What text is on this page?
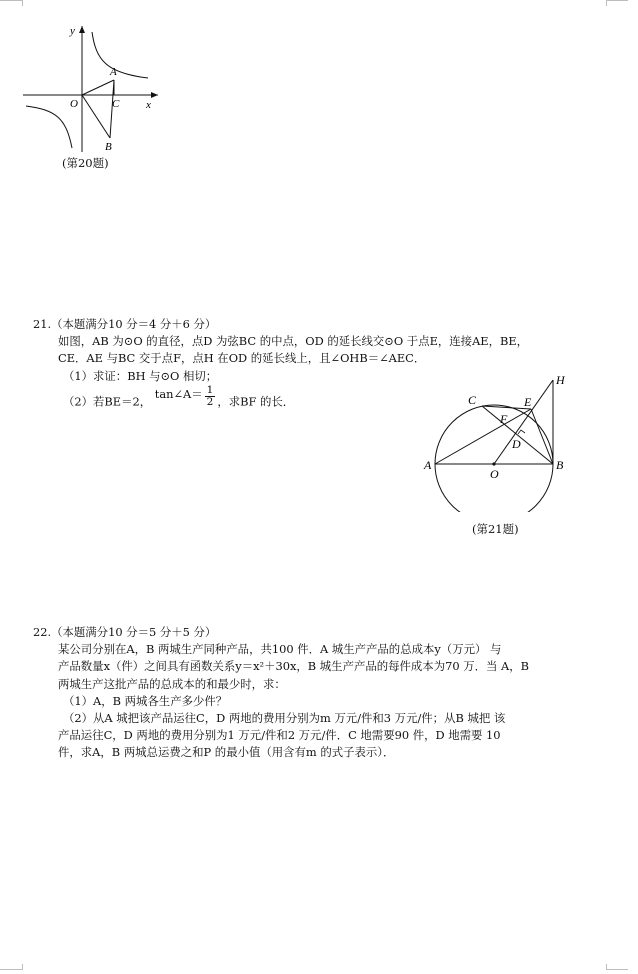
y
x
O
A
C
B
(第20题)

21.（本题满分10 分＝4 分＋6 分）

如图，AB 为⊙O 的直径，点D 为弦BC 的中点，OD 的延长线交⊙O 于点E，连接AE，BE，

CE．AE 与BC 交于点F，点H 在OD 的延长线上，且∠OHB＝∠AEC．

（1）求证：BH 与⊙O 相切；

（2）若BE＝2， tan∠A＝ $\frac{1}{2}$ ，求BF 的长．

A
O
B
C	E
F
D
H
(第21题)

22.（本题满分10 分＝5 分＋5 分）

某公司分别在A，B 两城生产同种产品，共100 件．A 城生产产品的总成本y（万元） 与

产品数量x（件）之间具有函数关系y＝x²＋30x，B 城生产产品的每件成本为70 万．当 A，B

两城生产这批产品的总成本的和最少时，求：

（1）A，B 两城各生产多少件？

（2）从A 城把该产品运往C，D 两地的费用分别为m 万元/件和3 万元/件；从B 城把 该

产品运往C，D 两地的费用分别为1 万元/件和2 万元/件．C 地需要90 件，D 地需要 10

件，求A，B 两城总运费之和P 的最小值（用含有m 的式子表示）．
